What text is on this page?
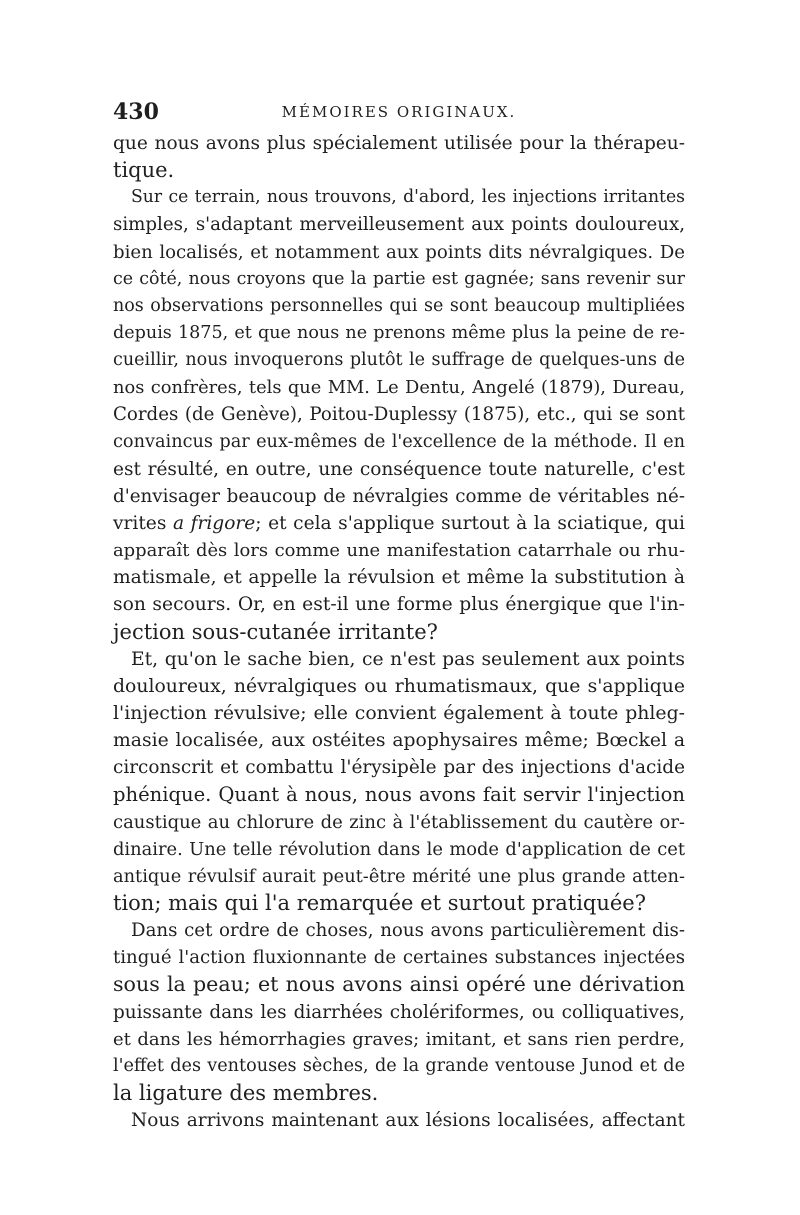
430	MÉMOIRES ORIGINAUX.
que nous avons plus spécialement utilisée pour la thérapeu-
tique.
Sur ce terrain, nous trouvons, d'abord, les injections irritantes
simples, s'adaptant merveilleusement aux points douloureux,
bien localisés, et notamment aux points dits névralgiques. De
ce côté, nous croyons que la partie est gagnée; sans revenir sur
nos observations personnelles qui se sont beaucoup multipliées
depuis 1875, et que nous ne prenons même plus la peine de re-
cueillir, nous invoquerons plutôt le suffrage de quelques-uns de
nos confrères, tels que MM. Le Dentu, Angelé (1879), Dureau,
Cordes (de Genève), Poitou-Duplessy (1875), etc., qui se sont
convaincus par eux-mêmes de l'excellence de la méthode. Il en
est résulté, en outre, une conséquence toute naturelle, c'est
d'envisager beaucoup de névralgies comme de véritables né-
vrites a frigore; et cela s'applique surtout à la sciatique, qui
apparaît dès lors comme une manifestation catarrhale ou rhu-
matismale, et appelle la révulsion et même la substitution à
son secours. Or, en est-il une forme plus énergique que l'in-
jection sous-cutanée irritante?
Et, qu'on le sache bien, ce n'est pas seulement aux points
douloureux, névralgiques ou rhumatismaux, que s'applique
l'injection révulsive; elle convient également à toute phleg-
masie localisée, aux ostéites apophysaires même; Bœckel a
circonscrit et combattu l'érysipèle par des injections d'acide
phénique. Quant à nous, nous avons fait servir l'injection
caustique au chlorure de zinc à l'établissement du cautère or-
dinaire. Une telle révolution dans le mode d'application de cet
antique révulsif aurait peut-être mérité une plus grande atten-
tion; mais qui l'a remarquée et surtout pratiquée?
Dans cet ordre de choses, nous avons particulièrement dis-
tingué l'action fluxionnante de certaines substances injectées
sous la peau; et nous avons ainsi opéré une dérivation
puissante dans les diarrhées cholériformes, ou colliquatives,
et dans les hémorrhagies graves; imitant, et sans rien perdre,
l'effet des ventouses sèches, de la grande ventouse Junod et de
la ligature des membres.
Nous arrivons maintenant aux lésions localisées, affectant
